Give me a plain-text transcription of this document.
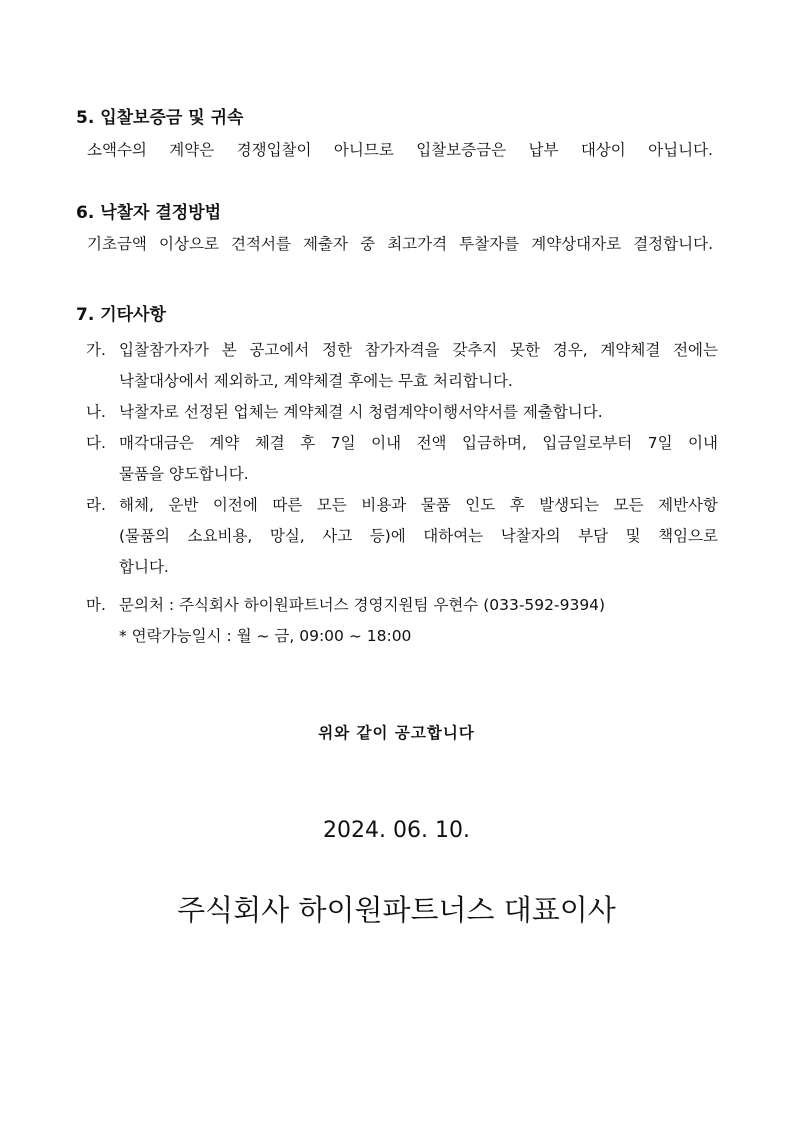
5. 입찰보증금 및 귀속
소액수의 계약은 경쟁입찰이 아니므로 입찰보증금은 납부 대상이 아닙니다.
6. 낙찰자 결정방법
기초금액 이상으로 견적서를 제출자 중 최고가격 투찰자를 계약상대자로 결정합니다.
7. 기타사항
가. 입찰참가자가 본 공고에서 정한 참가자격을 갖추지 못한 경우, 계약체결 전에는
낙찰대상에서 제외하고, 계약체결 후에는 무효 처리합니다.
나. 낙찰자로 선정된 업체는 계약체결 시 청렴계약이행서약서를 제출합니다.
다. 매각대금은 계약 체결 후 7일 이내 전액 입금하며, 입금일로부터 7일 이내
물품을 양도합니다.
라. 해체, 운반 이전에 따른 모든 비용과 물품 인도 후 발생되는 모든 제반사항
(물품의 소요비용, 망실, 사고 등)에 대하여는 낙찰자의 부담 및 책임으로
합니다.
마. 문의처 : 주식회사 하이원파트너스 경영지원팀 우현수 (033-592-9394)
* 연락가능일시 : 월 ~ 금, 09:00 ~ 18:00
위와 같이 공고합니다
2024. 06. 10.
주식회사 하이원파트너스 대표이사
